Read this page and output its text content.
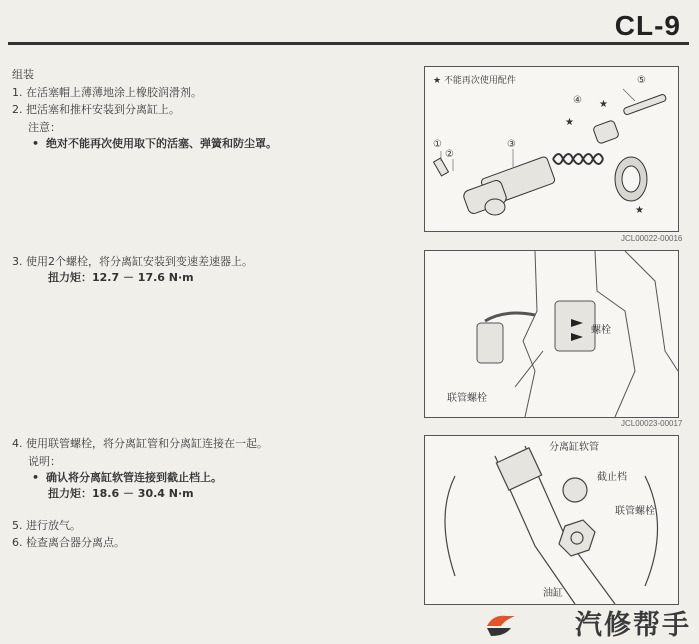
CL-9
组装
1. 在活塞帽上薄薄地涂上橡胶润滑剂。
2. 把活塞和推杆安装到分离缸上。
注意：
• 绝对不能再次使用取下的活塞、弹簧和防尘罩。
3. 使用2个螺栓，将分离缸安装到变速差速器上。
扭力矩：12.7 － 17.6 N·m
4. 使用联管螺栓，将分离缸管和分离缸连接在一起。
说明：
• 确认将分离缸软管连接到截止档上。
扭力矩：18.6 － 30.4 N·m
5. 进行放气。
6. 检查离合器分离点。
★ 不能再次使用配件
①
②
③
④
⑤
★
★
★
JCL00022-00016
螺栓
联管螺栓
JCL00023-00017
分离缸软管
截止档
联管螺栓
油缸
汽修帮手
